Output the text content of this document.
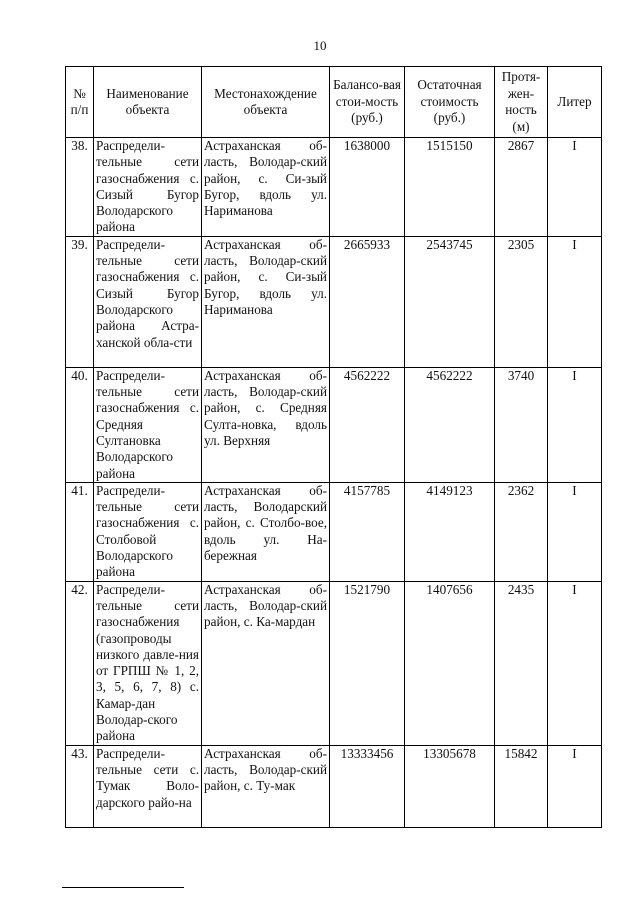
10
№ п/п	Наименование объекта	Местонахождение объекта	Балансо-вая стои-мость (руб.)	Остаточная стоимость (руб.)	Протя-жен-ность (м)	Литер
38.	Распредели-тельные сети газоснабжения с. Сизый Бугор Володарского района	Астраханская об-ласть, Володар-ский район, с. Си-зый Бугор, вдоль ул. Нариманова	1638000	1515150	2867	I
39.	Распредели-тельные сети газоснабжения с. Сизый Бугор Володарского района Астра-ханской обла-сти	Астраханская об-ласть, Володар-ский район, с. Си-зый Бугор, вдоль ул. Нариманова	2665933	2543745	2305	I
40.	Распредели-тельные сети газоснабжения с. Средняя Султановка Володарского района	Астраханская об-ласть, Володар-ский район, с. Средняя Султа-новка, вдоль ул. Верхняя	4562222	4562222	3740	I
41.	Распредели-тельные сети газоснабжения с. Столбовой Володарского района	Астраханская об-ласть, Володарский район, с. Столбо-вое, вдоль ул. На-бережная	4157785	4149123	2362	I
42.	Распредели-тельные сети газоснабжения (газопроводы низкого давле-ния от ГРПШ № 1, 2, 3, 5, 6, 7, 8) с. Камар-дан Володар-ского района	Астраханская об-ласть, Володар-ский район, с. Ка-мардан	1521790	1407656	2435	I
43.	Распредели-тельные сети с. Тумак Воло-дарского райо-на	Астраханская об-ласть, Володар-ский район, с. Ту-мак	13333456	13305678	15842	I
